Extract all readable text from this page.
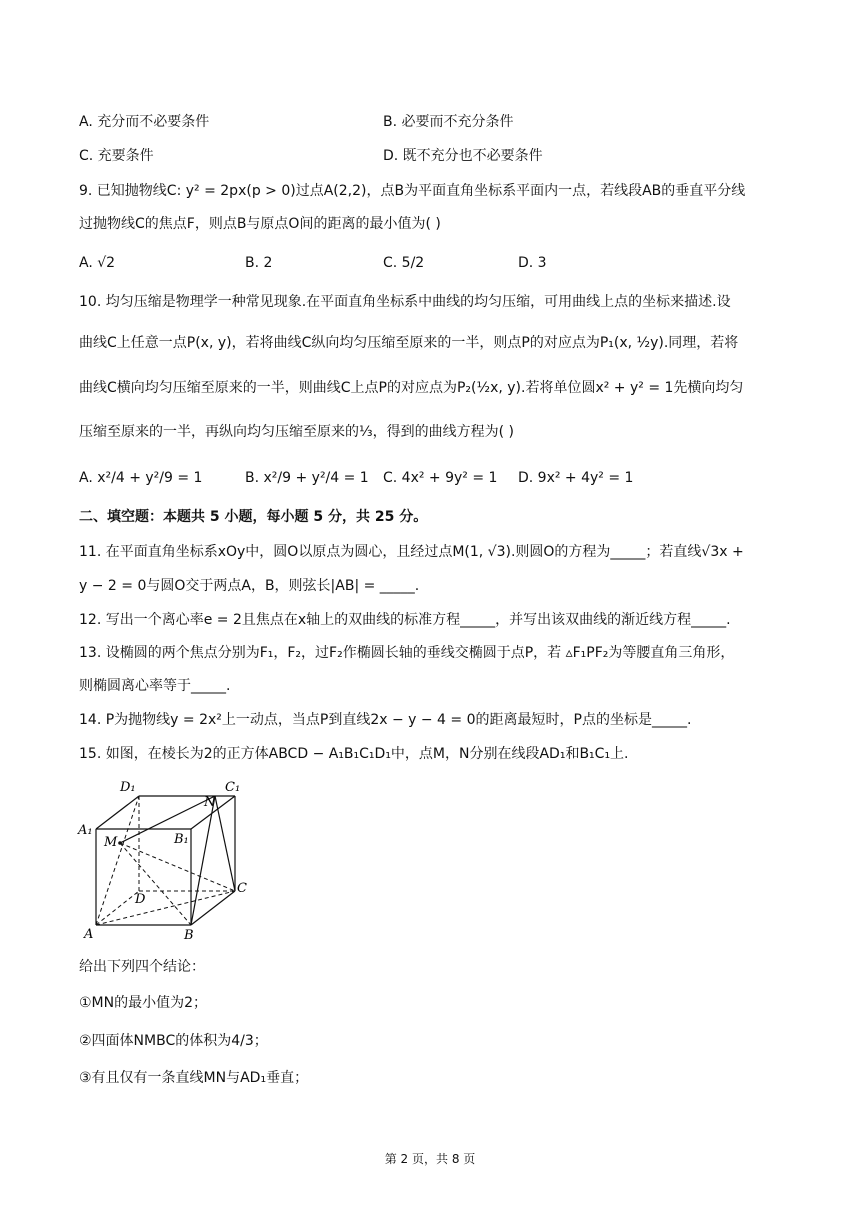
A. 充分而不必要条件	B. 必要而不充分条件
C. 充要条件	D. 既不充分也不必要条件
9. 已知抛物线C: y² = 2px(p > 0)过点A(2,2)，点B为平面直角坐标系平面内一点，若线段AB的垂直平分线
过抛物线C的焦点F，则点B与原点O间的距离的最小值为( )
A. √2	B. 2	C. 5/2	D. 3
10. 均匀压缩是物理学一种常见现象.在平面直角坐标系中曲线的均匀压缩，可用曲线上点的坐标来描述.设
曲线C上任意一点P(x, y)，若将曲线C纵向均匀压缩至原来的一半，则点P的对应点为P₁(x, ½y).同理，若将
曲线C横向均匀压缩至原来的一半，则曲线C上点P的对应点为P₂(½x, y).若将单位圆x² + y² = 1先横向均匀
压缩至原来的一半，再纵向均匀压缩至原来的⅓，得到的曲线方程为( )
A. x²/4 + y²/9 = 1	B. x²/9 + y²/4 = 1 C. 4x² + 9y² = 1 D. 9x² + 4y² = 1
二、填空题：本题共 5 小题，每小题 5 分，共 25 分。
11. 在平面直角坐标系xOy中，圆O以原点为圆心，且经过点M(1, √3).则圆O的方程为_____；若直线√3x +
y − 2 = 0与圆O交于两点A，B，则弦长|AB| = _____.
12. 写出一个离心率e = 2且焦点在x轴上的双曲线的标准方程_____，并写出该双曲线的渐近线方程_____.
13. 设椭圆的两个焦点分别为F₁，F₂，过F₂作椭圆长轴的垂线交椭圆于点P，若 ▵F₁PF₂为等腰直角三角形，
则椭圆离心率等于_____.
14. P为抛物线y = 2x²上一动点，当点P到直线2x − y − 4 = 0的距离最短时，P点的坐标是_____.
15. 如图，在棱长为2的正方体ABCD − A₁B₁C₁D₁中，点M，N分别在线段AD₁和B₁C₁上.
D₁	C₁
N
A₁
M	B₁
C
D
A	B
给出下列四个结论：
①MN的最小值为2；
②四面体NMBC的体积为4/3；
③有且仅有一条直线MN与AD₁垂直；
第 2 页，共 8 页
